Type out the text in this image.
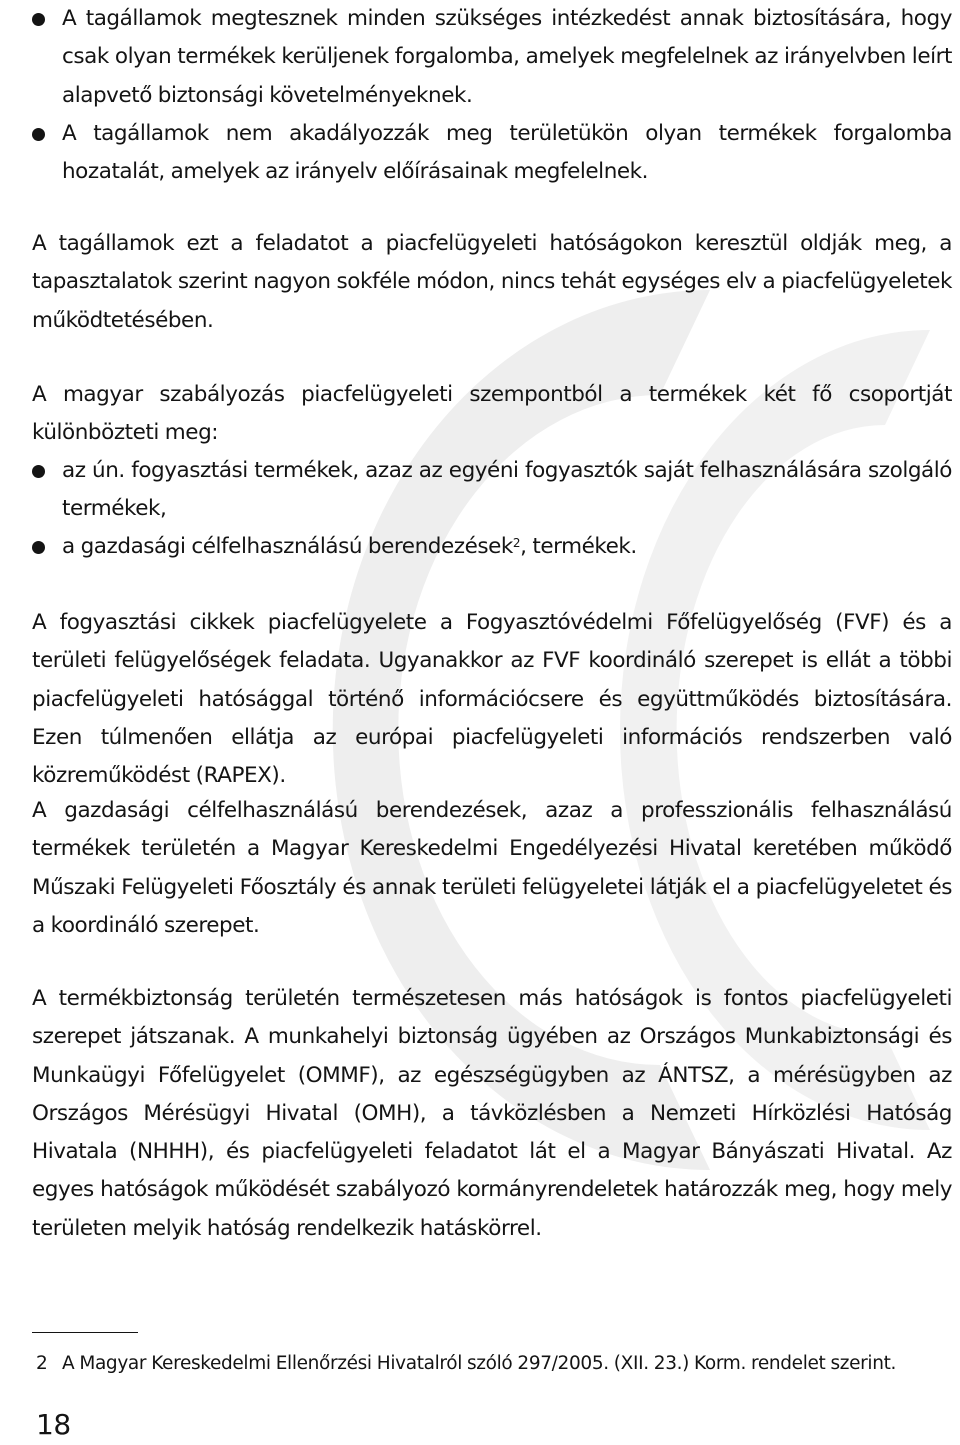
A tagállamok megtesznek minden szükséges intézkedést annak biztosítására, hogy csak olyan termékek kerüljenek forgalomba, amelyek megfelelnek az irányelvben leírt alapvető biztonsági követelményeknek.
A tagállamok nem akadályozzák meg területükön olyan termékek forgalomba hozatalát, amelyek az irányelv előírásainak megfelelnek.

A tagállamok ezt a feladatot a piacfelügyeleti hatóságokon keresztül oldják meg, a tapasztalatok szerint nagyon sokféle módon, nincs tehát egységes elv a piacfelügyeletek működtetésében.

A magyar szabályozás piacfelügyeleti szempontból a termékek két fő csoportját különbözteti meg:

az ún. fogyasztási termékek, azaz az egyéni fogyasztók saját felhasználására szolgáló termékek,
a gazdasági célfelhasználású berendezések$^2$, termékek.

A fogyasztási cikkek piacfelügyelete a Fogyasztóvédelmi Főfelügyelőség (FVF) és a területi felügyelőségek feladata. Ugyanakkor az FVF koordináló szerepet is ellát a többi piacfelügyeleti hatósággal történő információcsere és együttműködés biztosítására. Ezen túlmenően ellátja az európai piacfelügyeleti információs rendszerben való közreműködést (RAPEX).

A gazdasági célfelhasználású berendezések, azaz a professzionális felhasználású termékek területén a Magyar Kereskedelmi Engedélyezési Hivatal keretében működő Műszaki Felügyeleti Főosztály és annak területi felügyeletei látják el a piacfelügyeletet és a koordináló szerepet.

A termékbiztonság területén természetesen más hatóságok is fontos piacfelügyeleti szerepet játszanak. A munkahelyi biztonság ügyében az Országos Munkabiztonsági és Munkaügyi Főfelügyelet (OMMF), az egészségügyben az ÁNTSZ, a mérésügyben az Országos Mérésügyi Hivatal (OMH), a távközlésben a Nemzeti Hírközlési Hatóság Hivatala (NHHH), és piacfelügyeleti feladatot lát el a Magyar Bányászati Hivatal. Az egyes hatóságok működését szabályozó kormányrendeletek határozzák meg, hogy mely területen melyik hatóság rendelkezik hatáskörrel.

2 A Magyar Kereskedelmi Ellenőrzési Hivatalról szóló 297/2005. (XII. 23.) Korm. rendelet szerint.
18
